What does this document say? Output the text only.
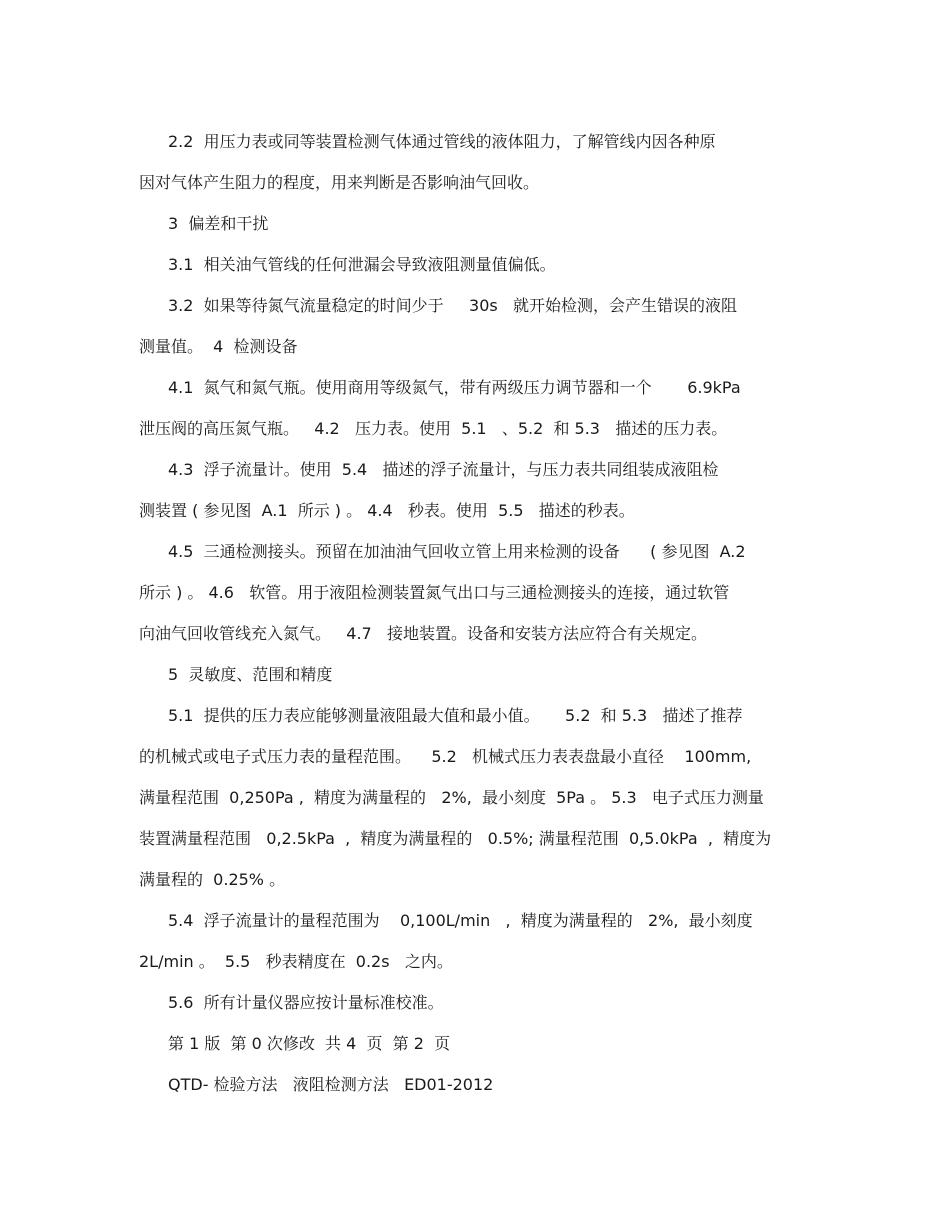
2.2  用压力表或同等装置检测气体通过管线的液体阻力，了解管线内因各种原
因对气体产生阻力的程度，用来判断是否影响油气回收。
3  偏差和干扰
3.1  相关油气管线的任何泄漏会导致液阻测量值偏低。
3.2  如果等待氮气流量稳定的时间少于     30s   就开始检测，会产生错误的液阻
测量值。  4  检测设备
4.1  氮气和氮气瓶。使用商用等级氮气，带有两级压力调节器和一个       6.9kPa
泄压阀的高压氮气瓶。   4.2   压力表。使用  5.1   、5.2  和 5.3   描述的压力表。
4.3  浮子流量计。使用  5.4   描述的浮子流量计，与压力表共同组装成液阻检
测装置 ( 参见图  A.1  所示 ) 。 4.4   秒表。使用  5.5   描述的秒表。
4.5  三通检测接头。预留在加油油气回收立管上用来检测的设备      ( 参见图  A.2
所示 ) 。 4.6   软管。用于液阻检测装置氮气出口与三通检测接头的连接，通过软管
向油气回收管线充入氮气。   4.7   接地装置。设备和安装方法应符合有关规定。
5  灵敏度、范围和精度
5.1  提供的压力表应能够测量液阻最大值和最小值。     5.2  和 5.3   描述了推荐
的机械式或电子式压力表的量程范围。    5.2   机械式压力表表盘最小直径    100mm,
满量程范围  0,250Pa ,  精度为满量程的   2%,  最小刻度  5Pa 。 5.3   电子式压力测量
装置满量程范围   0,2.5kPa  ,  精度为满量程的   0.5%; 满量程范围  0,5.0kPa  ,  精度为
满量程的  0.25% 。
5.4  浮子流量计的量程范围为    0,100L/min   ,  精度为满量程的   2%,  最小刻度
2L/min 。  5.5   秒表精度在  0.2s   之内。
5.6  所有计量仪器应按计量标准校准。
第 1 版  第 0 次修改  共 4  页  第 2  页
QTD- 检验方法   液阻检测方法   ED01-2012
